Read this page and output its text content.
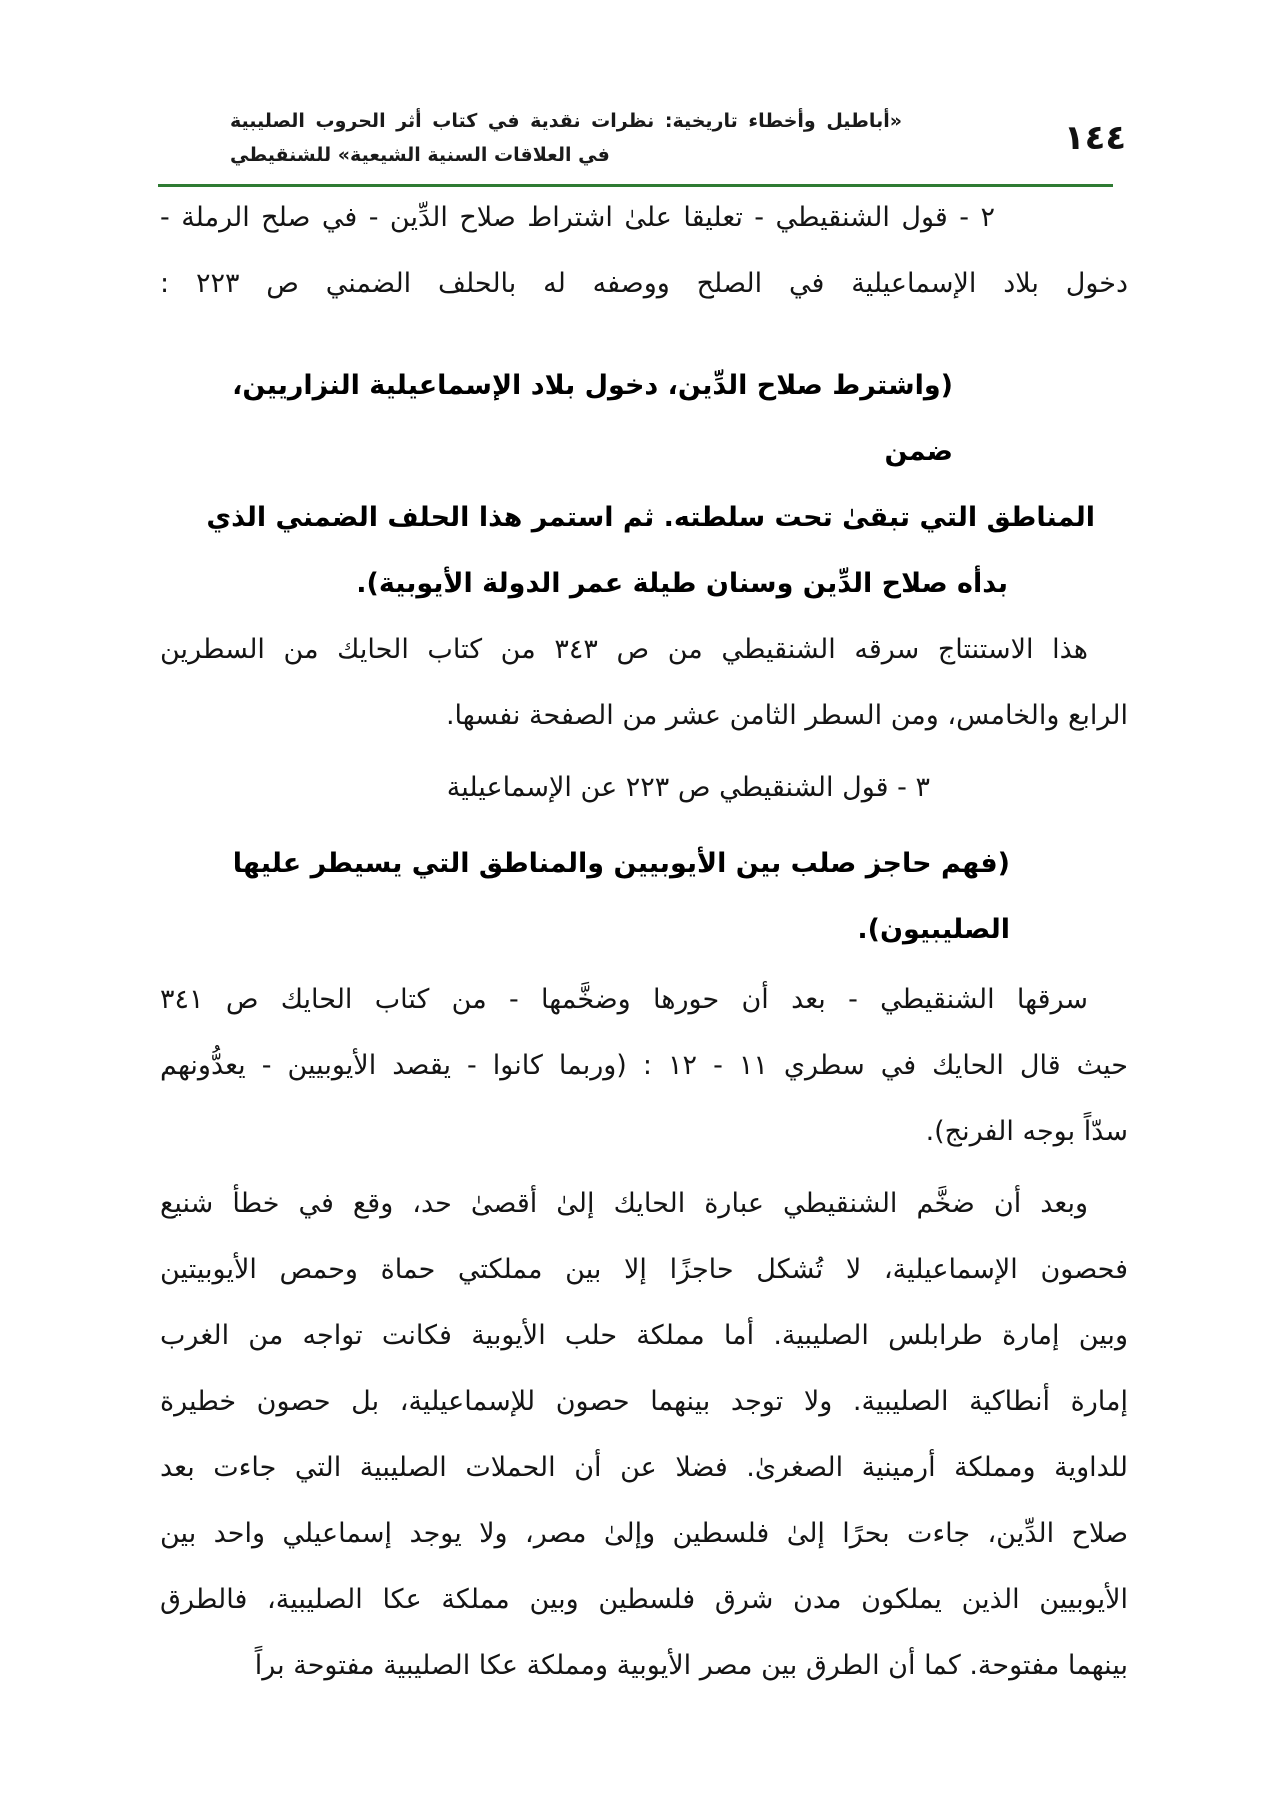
«أباطيل وأخطاء تاريخية: نظرات نقدية في كتاب أثر الحروب الصليبية في العلاقات السنية الشيعية» للشنقيطي	١٤٤
٢ - قول الشنقيطي - تعليقا علىٰ اشتراط صلاح الدِّين - في صلح الرملة -
دخول بلاد الإسماعيلية في الصلح ووصفه له بالحلف الضمني ص ٢٢٣ :
(واشترط صلاح الدِّين، دخول بلاد الإسماعيلية النزاريين، ضمن
المناطق التي تبقىٰ تحت سلطته. ثم استمر هذا الحلف الضمني الذي
بدأه صلاح الدِّين وسنان طيلة عمر الدولة الأيوبية).
هذا الاستنتاج سرقه الشنقيطي من ص ٣٤٣ من كتاب الحايك من السطرين
الرابع والخامس، ومن السطر الثامن عشر من الصفحة نفسها.
٣ - قول الشنقيطي ص ٢٢٣ عن الإسماعيلية
(فهم حاجز صلب بين الأيوبيين والمناطق التي يسيطر عليها
الصليبيون).
سرقها الشنقيطي - بعد أن حورها وضخَّمها - من كتاب الحايك ص ٣٤١
حيث قال الحايك في سطري ١١ - ١٢ : (وربما كانوا - يقصد الأيوبيين - يعدُّونهم
سدّاً بوجه الفرنج).
وبعد أن ضخَّم الشنقيطي عبارة الحايك إلىٰ أقصىٰ حد، وقع في خطأ شنيع
فحصون الإسماعيلية، لا تُشكل حاجزًا إلا بين مملكتي حماة وحمص الأيوبيتين
وبين إمارة طرابلس الصليبية. أما مملكة حلب الأيوبية فكانت تواجه من الغرب
إمارة أنطاكية الصليبية. ولا توجد بينهما حصون للإسماعيلية، بل حصون خطيرة
للداوية ومملكة أرمينية الصغرىٰ. فضلا عن أن الحملات الصليبية التي جاءت بعد
صلاح الدِّين، جاءت بحرًا إلىٰ فلسطين وإلىٰ مصر، ولا يوجد إسماعيلي واحد بين
الأيوبيين الذين يملكون مدن شرق فلسطين وبين مملكة عكا الصليبية، فالطرق
بينهما مفتوحة. كما أن الطرق بين مصر الأيوبية ومملكة عكا الصليبية مفتوحة براً
